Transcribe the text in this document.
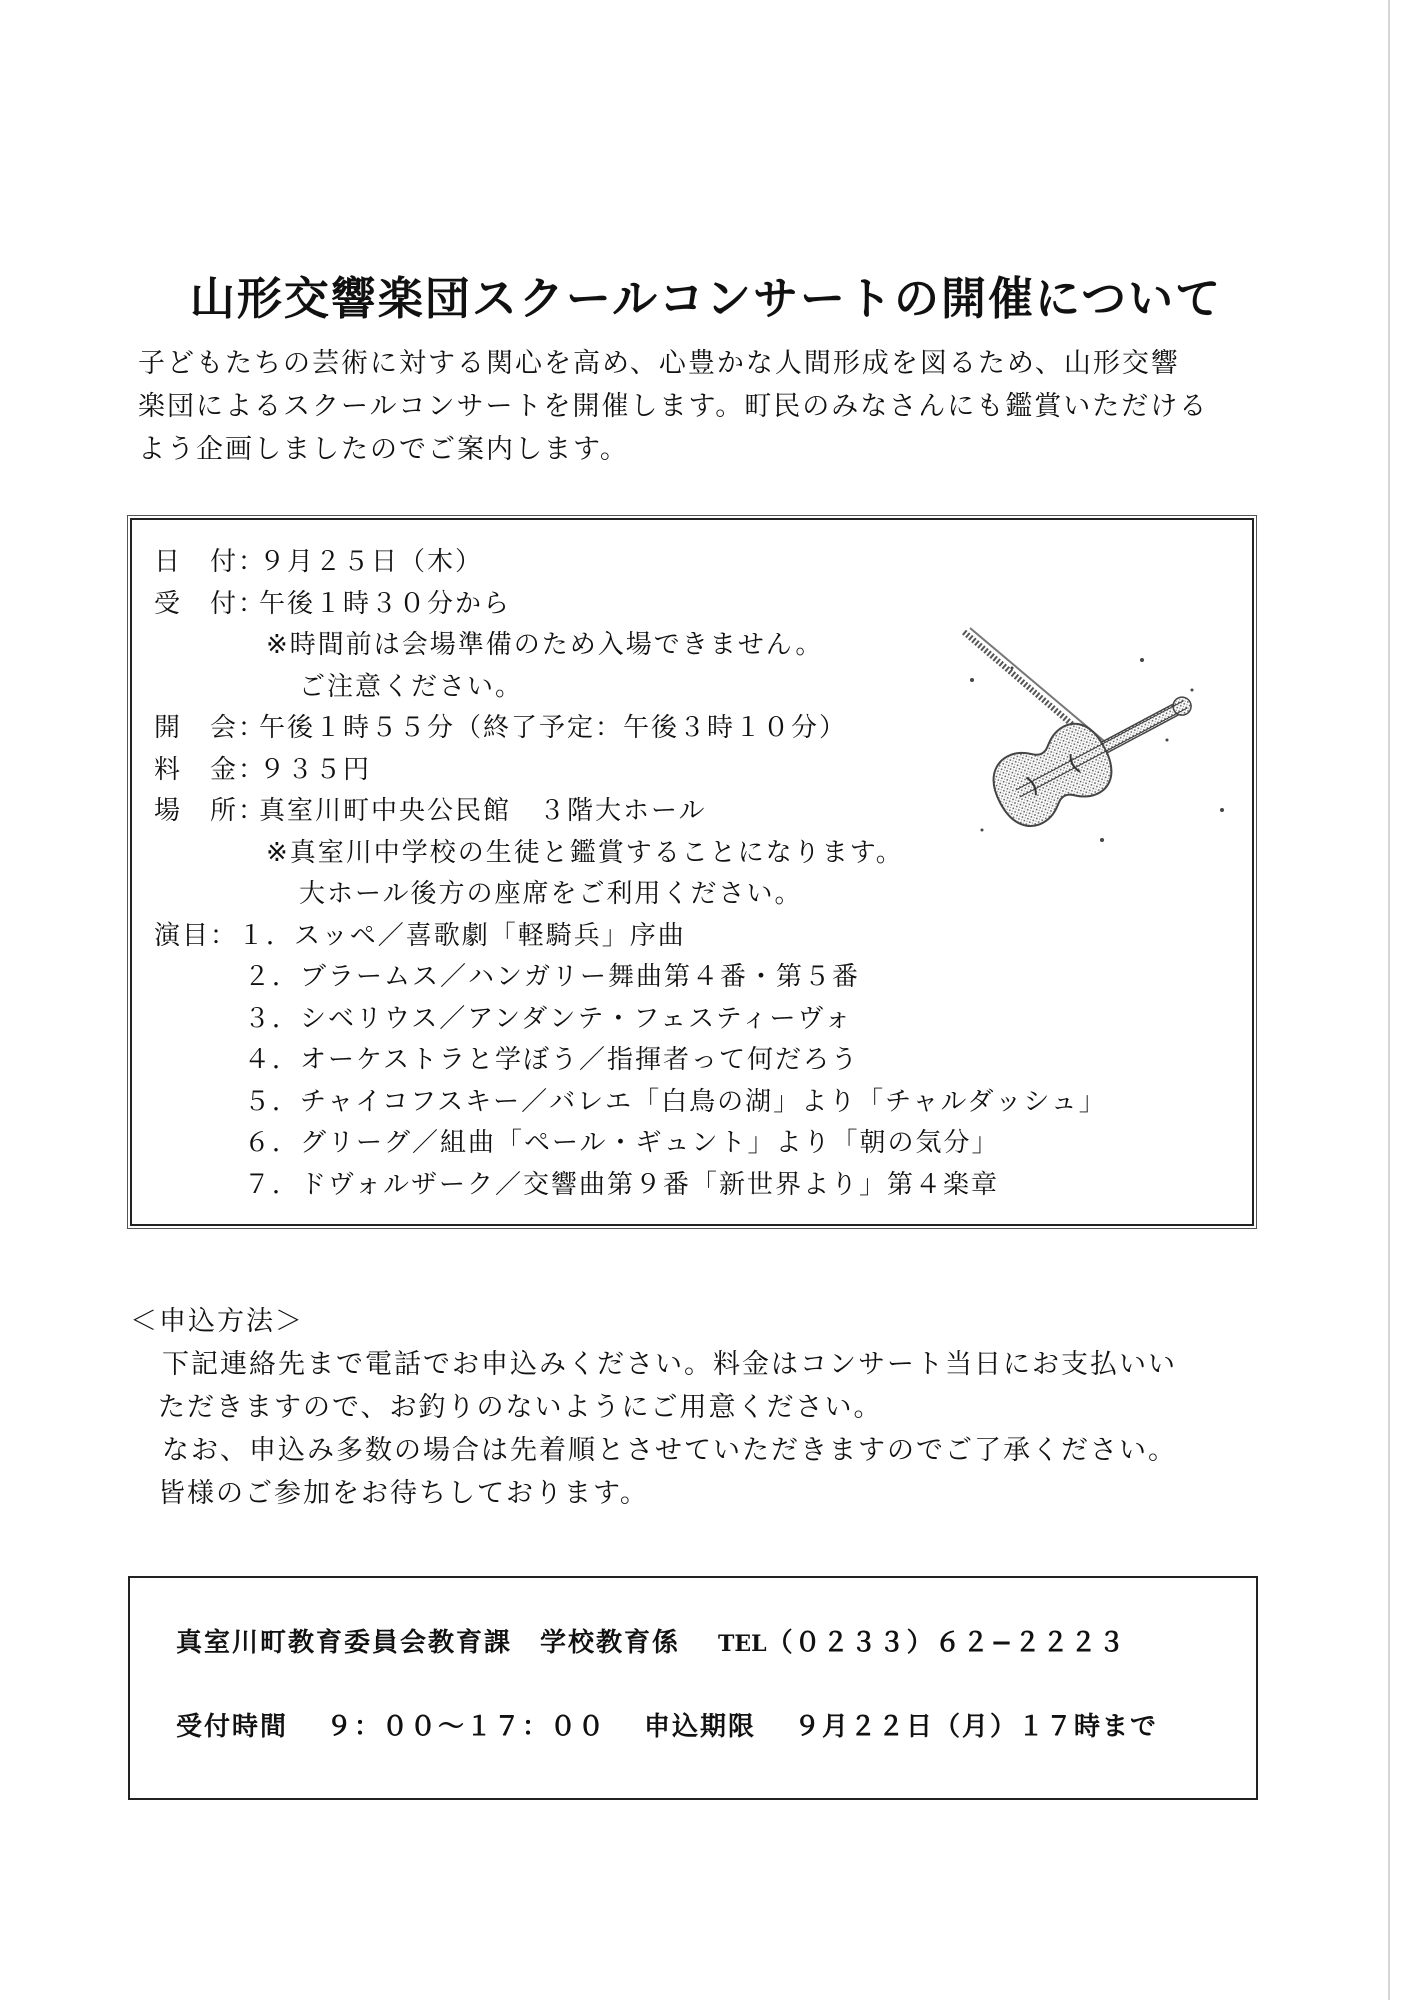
山形交響楽団スクールコンサートの開催について

子どもたちの芸術に対する関心を高め、心豊かな人間形成を図るため、山形交響

楽団によるスクールコンサートを開催します。町民のみなさんにも鑑賞いただける

よう企画しましたのでご案内します。

日　付：９月２５日（木）
受　付：午後１時３０分から
※時間前は会場準備のため入場できません。
ご注意ください。
開　会：午後１時５５分（終了予定：午後３時１０分）
料　金：９３５円
場　所：真室川町中央公民館　３階大ホール
※真室川中学校の生徒と鑑賞することになります。
大ホール後方の座席をご利用ください。
演目：１．スッペ／喜歌劇「軽騎兵」序曲
２．ブラームス／ハンガリー舞曲第４番・第５番
３．シベリウス／アンダンテ・フェスティーヴォ
４．オーケストラと学ぼう／指揮者って何だろう
５．チャイコフスキー／バレエ「白鳥の湖」より「チャルダッシュ」
６．グリーグ／組曲「ペール・ギュント」より「朝の気分」
７．ドヴォルザーク／交響曲第９番「新世界より」第４楽章

＜申込方法＞

下記連絡先まで電話でお申込みください。料金はコンサート当日にお支払いい

ただきますので、お釣りのないようにご用意ください。

なお、申込み多数の場合は先着順とさせていただきますのでご了承ください。

皆様のご参加をお待ちしております。

真室川町教育委員会教育課　学校教育係 TEL（０２３３）６２−２２２３
受付時間 ９：００〜１７：００ 申込期限 ９月２２日（月）１７時まで
